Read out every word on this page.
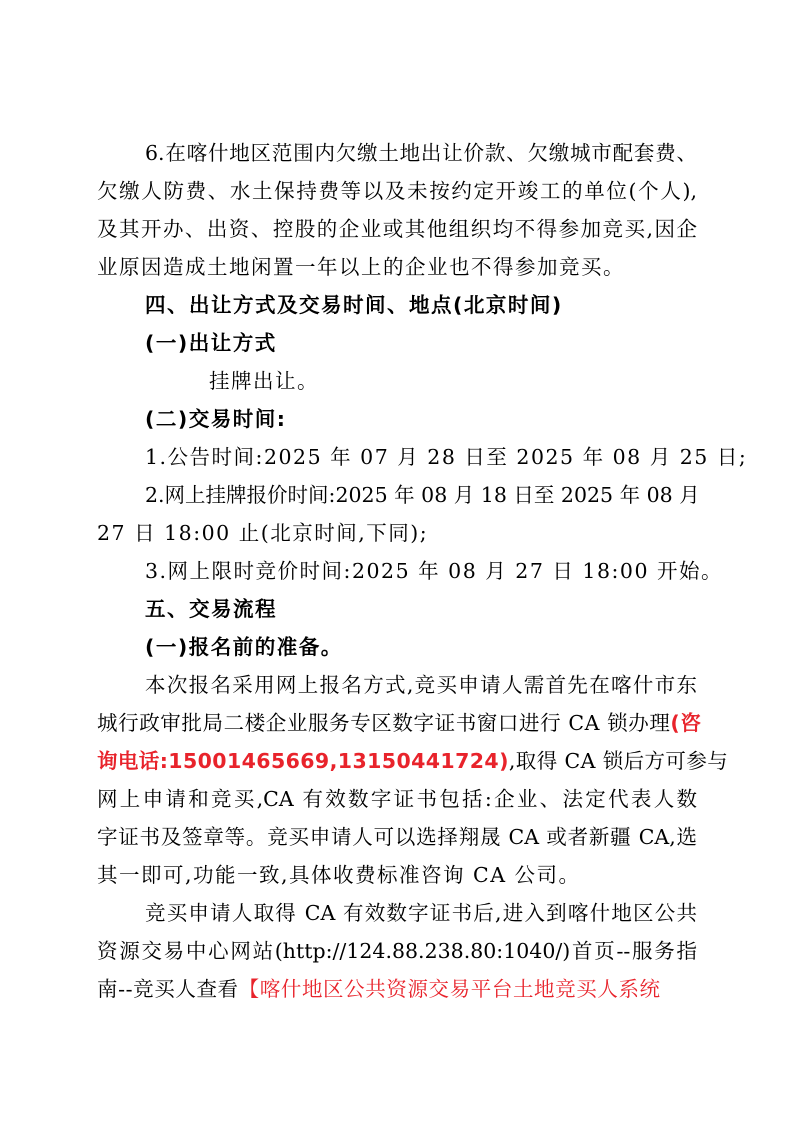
6.在喀什地区范围内欠缴土地出让价款、欠缴城市配套费、
欠缴人防费、水土保持费等以及未按约定开竣工的单位(个人),
及其开办、出资、控股的企业或其他组织均不得参加竞买,因企
业原因造成土地闲置一年以上的企业也不得参加竞买。
四、出让方式及交易时间、地点(北京时间)
(一)出让方式
挂牌出让。
(二)交易时间:
1.公告时间:2025 年 07 月 28 日至 2025 年 08 月 25 日;
2.网上挂牌报价时间:2025 年 08 月 18 日至 2025 年 08 月
27 日 18:00 止(北京时间,下同);
3.网上限时竞价时间:2025 年 08 月 27 日 18:00 开始。
五、交易流程
(一)报名前的准备。
本次报名采用网上报名方式,竞买申请人需首先在喀什市东
城行政审批局二楼企业服务专区数字证书窗口进行 CA 锁办理(咨
询电话:15001465669,13150441724),取得 CA 锁后方可参与
网上申请和竞买,CA 有效数字证书包括:企业、法定代表人数
字证书及签章等。竞买申请人可以选择翔晟 CA 或者新疆 CA,选
其一即可,功能一致,具体收费标准咨询 CA 公司。
竞买申请人取得 CA 有效数字证书后,进入到喀什地区公共
资源交易中心网站(http://124.88.238.80:1040/)首页--服务指
南--竞买人查看【喀什地区公共资源交易平台土地竞买人系统
